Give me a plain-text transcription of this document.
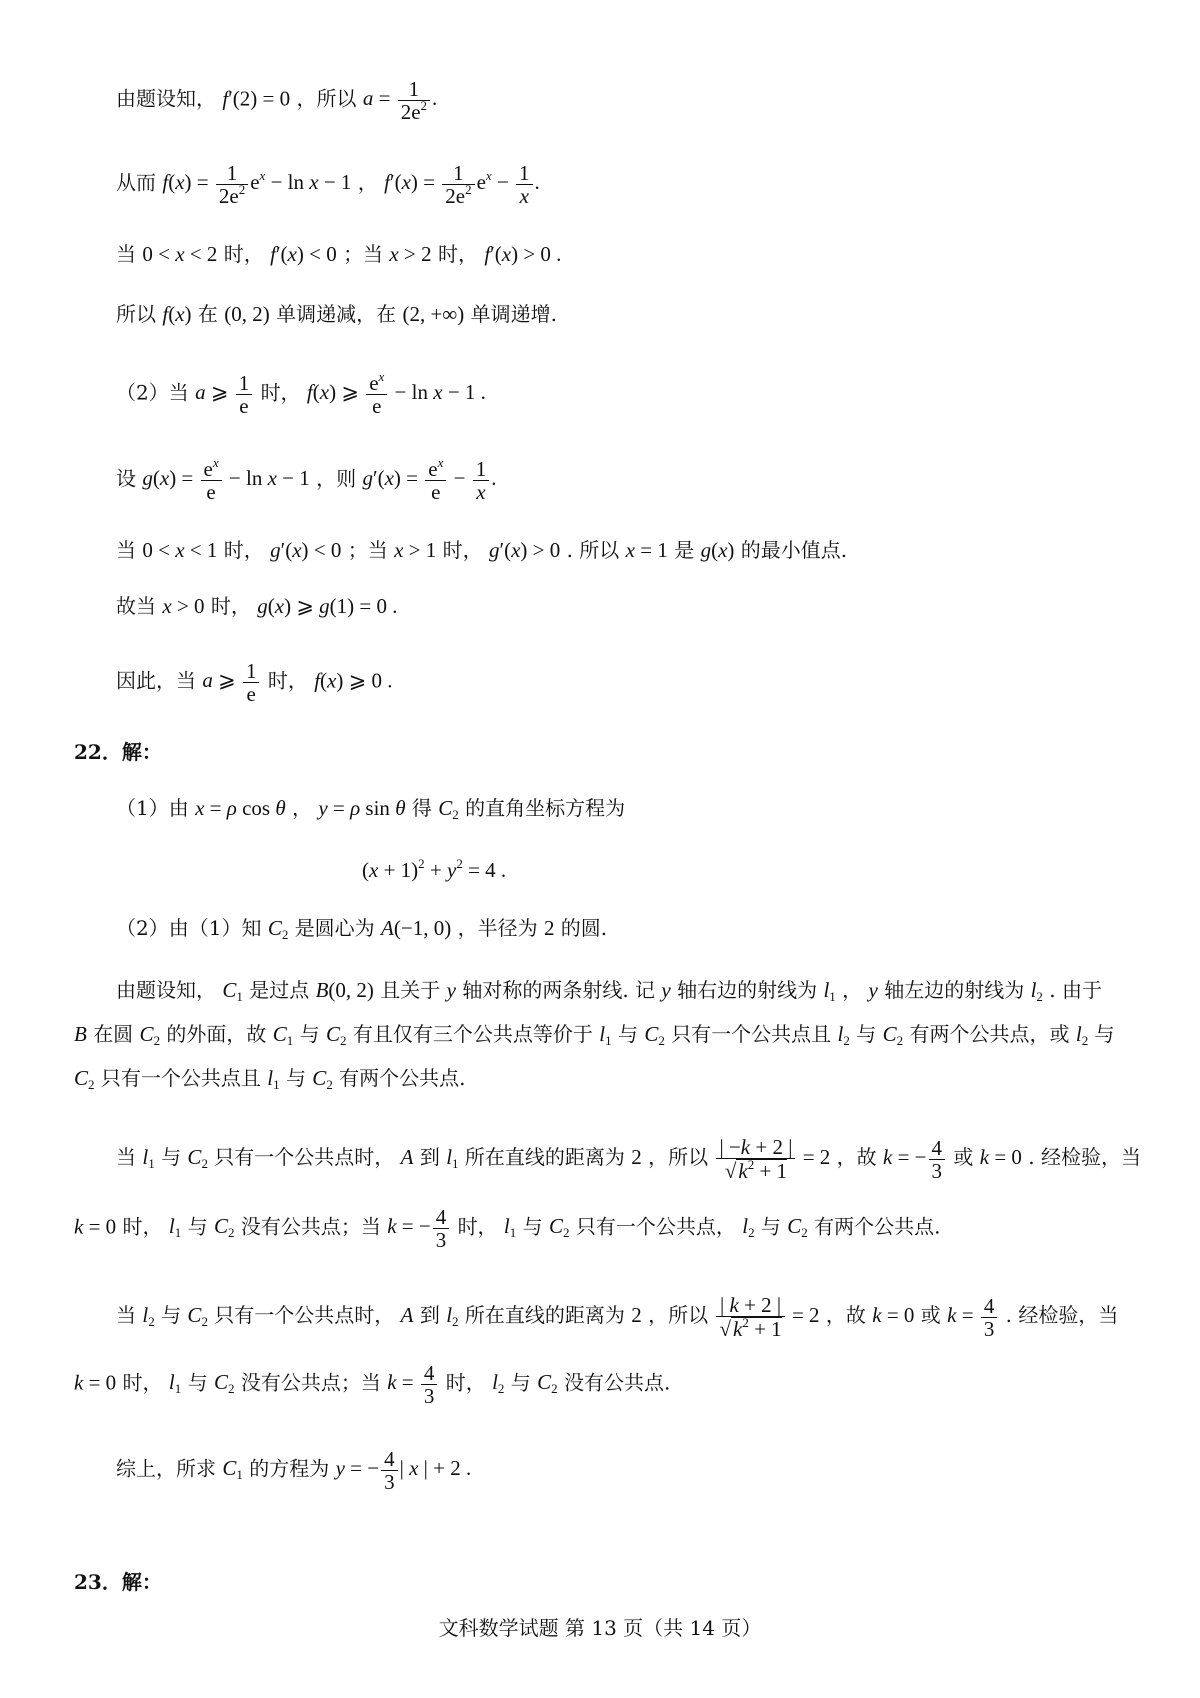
由题设知， f′(2) = 0 ，所以 $a = \frac{1}{2e^2}$ .
从而 $f(x) = \frac{1}{2e^2} e^x - \ln x - 1$ ， $f'(x) = \frac{1}{2e^2} e^x - \frac{1}{x}$ .
当 0 < x < 2 时， f′(x) < 0 ；当 x > 2 时， f′(x) > 0 .
所以 f(x) 在 (0, 2) 单调递减，在 (2, +∞) 单调递增.
（2）当 a ⩾ $\frac{1}{e}$ 时， f(x) ⩾ $\frac{e^x}{e} - \ln x - 1$ .
设 $g(x) = \frac{e^x}{e} - \ln x - 1$ ，则 $g'(x) = \frac{e^x}{e} - \frac{1}{x}$ .
当 0 < x < 1 时， g′(x) < 0 ；当 x > 1 时， g′(x) > 0 . 所以 x = 1 是 g(x) 的最小值点.
故当 x > 0 时， g(x) ⩾ g(1) = 0 .
因此，当 a ⩾ $\frac{1}{e}$ 时， f(x) ⩾ 0 .
22．解：
（1）由 x = ρ cos θ ， y = ρ sin θ 得 $C_2$ 的直角坐标方程为
$(x + 1)^2 + y^2 = 4$ .
（2）由（1）知 $C_2$ 是圆心为 A(−1, 0) ，半径为 2 的圆.
由题设知， $C_1$ 是过点 B(0, 2) 且关于 y 轴对称的两条射线. 记 y 轴右边的射线为 $l_1$ ， y 轴左边的射线为 $l_2$ . 由于
B 在圆 $C_2$ 的外面，故 $C_1$ 与 $C_2$ 有且仅有三个公共点等价于 $l_1$ 与 $C_2$ 只有一个公共点且 $l_2$ 与 $C_2$ 有两个公共点，或 $l_2$ 与
$C_2$ 只有一个公共点且 $l_1$ 与 $C_2$ 有两个公共点.
当 $l_1$ 与 $C_2$ 只有一个公共点时， A 到 $l_1$ 所在直线的距离为 2 ，所以 $\frac{| -k + 2 |}{√k^2 + 1} = 2$ ，故 k = − $\frac{4}{3}$ 或 k = 0 . 经检验，当
k = 0 时， $l_1$ 与 $C_2$ 没有公共点；当 k = − $\frac{4}{3}$ 时， $l_1$ 与 $C_2$ 只有一个公共点， $l_2$ 与 $C_2$ 有两个公共点.
当 $l_2$ 与 $C_2$ 只有一个公共点时， A 到 $l_2$ 所在直线的距离为 2 ，所以 $\frac{| k + 2 |}{√k^2 + 1} = 2$ ，故 k = 0 或 $k = \frac{4}{3}$ . 经检验，当
k = 0 时， $l_1$ 与 $C_2$ 没有公共点；当 $k = \frac{4}{3}$ 时， $l_2$ 与 $C_2$ 没有公共点.
综上，所求 $C_1$ 的方程为 y = − $\frac{4}{3}$ | x | + 2 .
23．解：
文科数学试题 第 13 页（共 14 页）
